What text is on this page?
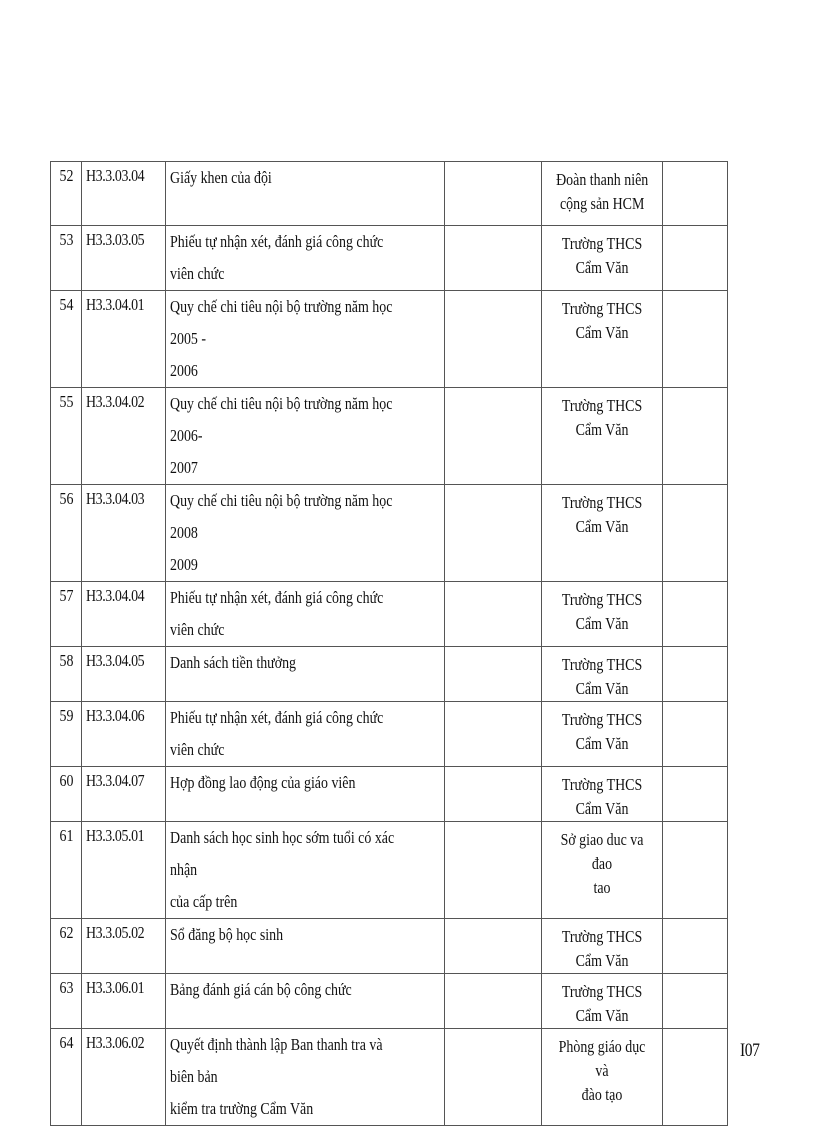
52	H3.3.03.04	Giấy khen của đội		Đoàn thanh niên
cộng sản HCM	
53	H3.3.03.05	Phiếu tự nhận xét, đánh giá công chức viên chức		Trường THCS
Cẩm Văn	
54	H3.3.04.01	Quy chế chi tiêu nội bộ trường năm học 2005 -
2006		Trường THCS
Cẩm Văn	
55	H3.3.04.02	Quy chế chi tiêu nội bộ trường năm học 2006-
2007		Trường THCS
Cẩm Văn	
56	H3.3.04.03	Quy chế chi tiêu nội bộ trường năm học 2008
2009		Trường THCS
Cẩm Văn	
57	H3.3.04.04	Phiếu tự nhận xét, đánh giá công chức viên chức		Trường THCS
Cẩm Văn	
58	H3.3.04.05	Danh sách tiền thưởng		Trường THCS
Cẩm Văn	
59	H3.3.04.06	Phiếu tự nhận xét, đánh giá công chức viên chức		Trường THCS
Cẩm Văn	
60	H3.3.04.07	Hợp đồng lao động của giáo viên		Trường THCS
Cẩm Văn	
61	H3.3.05.01	Danh sách học sinh học sớm tuổi có xác nhận
của cấp trên		Sở giao duc va đao
tao	
62	H3.3.05.02	Sổ đăng bộ học sinh		Trường THCS
Cẩm Văn	
63	H3.3.06.01	Bảng đánh giá cán bộ công chức		Trường THCS
Cẩm Văn	
64	H3.3.06.02	Quyết định thành lập Ban thanh tra và biên bản
kiểm tra trường Cẩm Văn		Phòng giáo dục và
đào tạo	
I07
